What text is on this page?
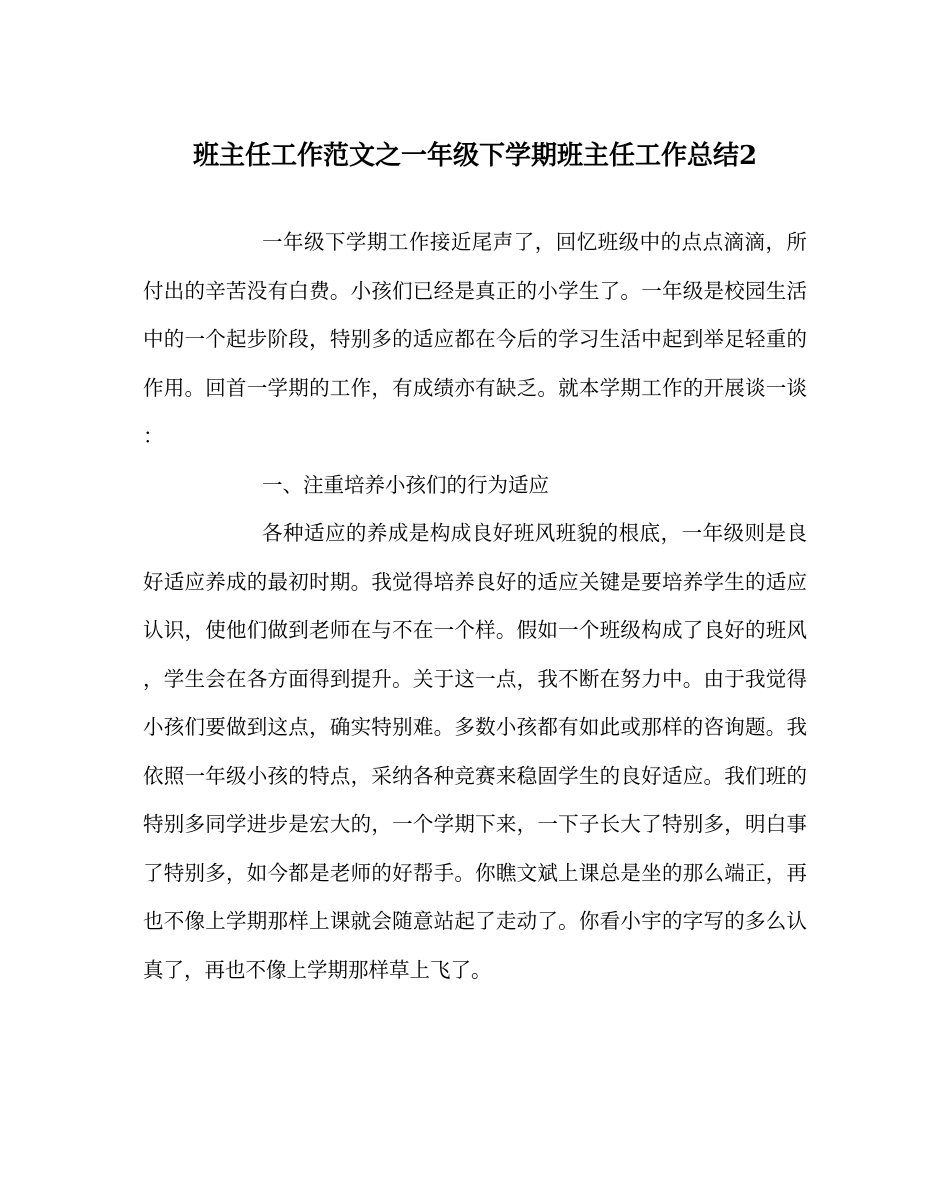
班主任工作范文之一年级下学期班主任工作总结2

一年级下学期工作接近尾声了，回忆班级中的点点滴滴，所付出的辛苦没有白费。小孩们已经是真正的小学生了。一年级是校园生活中的一个起步阶段，特别多的适应都在今后的学习生活中起到举足轻重的作用。回首一学期的工作，有成绩亦有缺乏。就本学期工作的开展谈一谈：

一、注重培养小孩们的行为适应

各种适应的养成是构成良好班风班貌的根底，一年级则是良好适应养成的最初时期。我觉得培养良好的适应关键是要培养学生的适应认识，使他们做到老师在与不在一个样。假如一个班级构成了良好的班风，学生会在各方面得到提升。关于这一点，我不断在努力中。由于我觉得小孩们要做到这点，确实特别难。多数小孩都有如此或那样的咨询题。我依照一年级小孩的特点，采纳各种竞赛来稳固学生的良好适应。我们班的特别多同学进步是宏大的，一个学期下来，一下子长大了特别多，明白事了特别多，如今都是老师的好帮手。你瞧文斌上课总是坐的那么端正，再也不像上学期那样上课就会随意站起了走动了。你看小宇的字写的多么认真了，再也不像上学期那样草上飞了。
